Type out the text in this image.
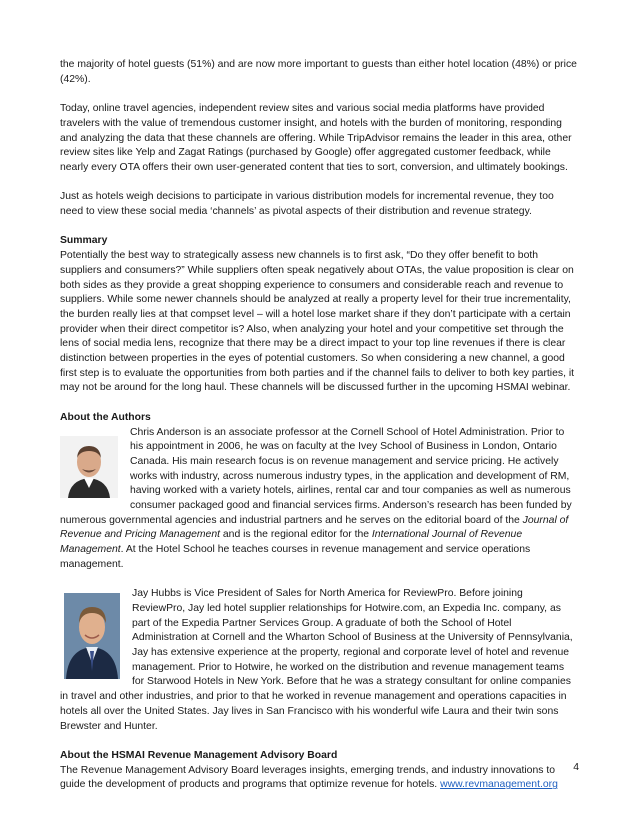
the majority of hotel guests (51%) and are now more important to guests than either hotel location (48%) or price (42%).

Today, online travel agencies, independent review sites and various social media platforms have provided travelers with the value of tremendous customer insight, and hotels with the burden of monitoring, responding and analyzing the data that these channels are offering. While TripAdvisor remains the leader in this area, other review sites like Yelp and Zagat Ratings (purchased by Google) offer aggregated customer feedback, while nearly every OTA offers their own user-generated content that ties to sort, conversion, and ultimately bookings.

Just as hotels weigh decisions to participate in various distribution models for incremental revenue, they too need to view these social media ‘channels’ as pivotal aspects of their distribution and revenue strategy.

Summary

Potentially the best way to strategically assess new channels is to first ask, “Do they offer benefit to both suppliers and consumers?” While suppliers often speak negatively about OTAs, the value proposition is clear on both sides as they provide a great shopping experience to consumers and considerable reach and revenue to suppliers. While some newer channels should be analyzed at really a property level for their true incrementality, the burden really lies at that compset level – will a hotel lose market share if they don’t participate with a certain provider when their direct competitor is? Also, when analyzing your hotel and your competitive set through the lens of social media lens, recognize that there may be a direct impact to your top line revenues if there is clear distinction between properties in the eyes of potential customers. So when considering a new channel, a good first step is to evaluate the opportunities from both parties and if the channel fails to deliver to both key parties, it may not be around for the long haul. These channels will be discussed further in the upcoming HSMAI webinar.

About the Authors

Chris Anderson is an associate professor at the Cornell School of Hotel Administration. Prior to his appointment in 2006, he was on faculty at the Ivey School of Business in London, Ontario Canada. His main research focus is on revenue management and service pricing. He actively works with industry, across numerous industry types, in the application and development of RM, having worked with a variety hotels, airlines, rental car and tour companies as well as numerous consumer packaged good and financial services firms. Anderson’s research has been funded by numerous governmental agencies and industrial partners and he serves on the editorial board of the Journal of Revenue and Pricing Management and is the regional editor for the International Journal of Revenue Management. At the Hotel School he teaches courses in revenue management and service operations management.

Jay Hubbs is Vice President of Sales for North America for ReviewPro. Before joining ReviewPro, Jay led hotel supplier relationships for Hotwire.com, an Expedia Inc. company, as part of the Expedia Partner Services Group. A graduate of both the School of Hotel Administration at Cornell and the Wharton School of Business at the University of Pennsylvania, Jay has extensive experience at the property, regional and corporate level of hotel and revenue management. Prior to Hotwire, he worked on the distribution and revenue management teams for Starwood Hotels in New York. Before that he was a strategy consultant for online companies in travel and other industries, and prior to that he worked in revenue management and operations capacities in hotels all over the United States. Jay lives in San Francisco with his wonderful wife Laura and their twin sons Brewster and Hunter.

About the HSMAI Revenue Management Advisory Board

The Revenue Management Advisory Board leverages insights, emerging trends, and industry innovations to guide the development of products and programs that optimize revenue for hotels. www.revmanagement.org

4
